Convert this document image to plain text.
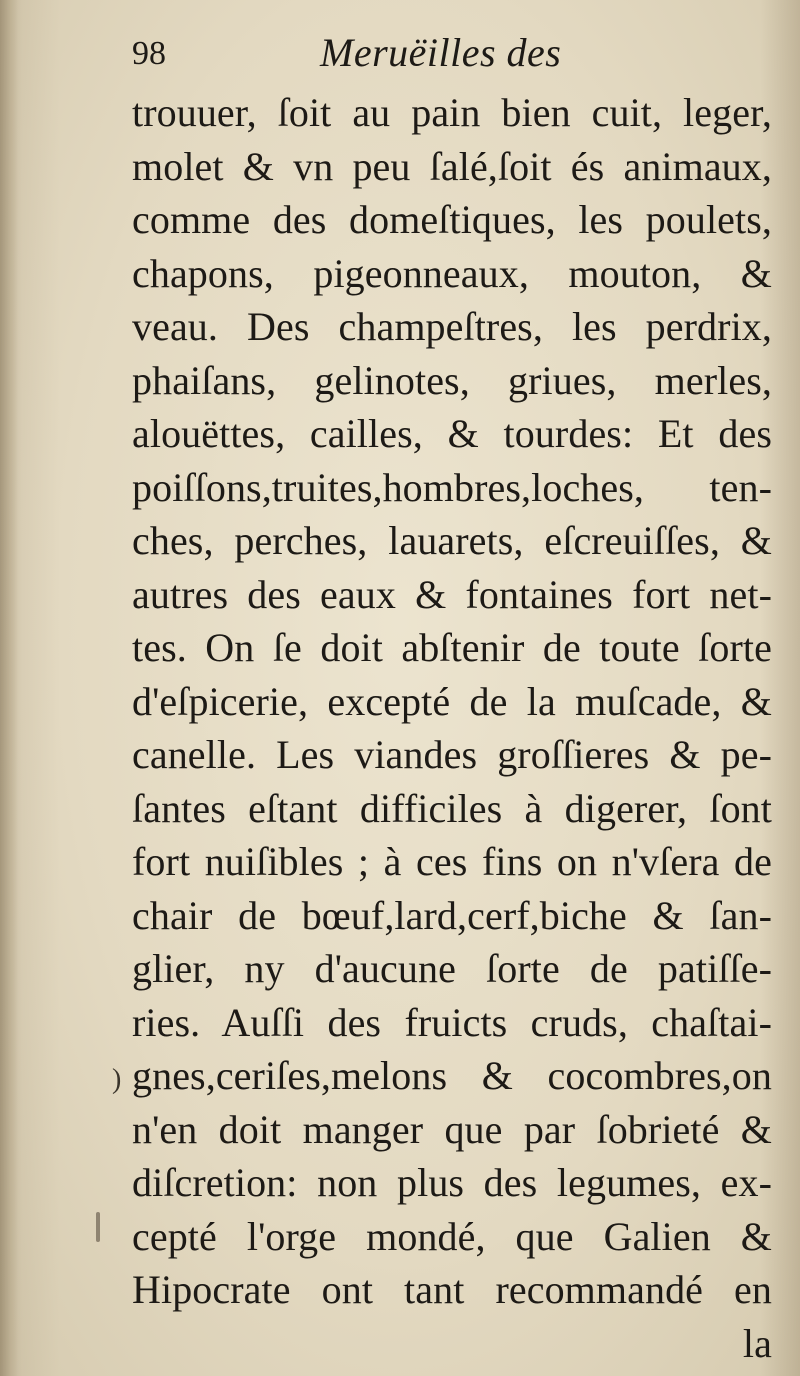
98	Meruëilles des
)
trouuer, ſoit au pain bien cuit, leger,
molet & vn peu ſalé,ſoit és animaux,
comme des domeſtiques, les poulets,
chapons, pigeonneaux, mouton, &
veau. Des champeſtres, les perdrix,
phaiſans, gelinotes, griues, merles,
alouëttes, cailles, & tourdes: Et des
poiſſons,truites,hombres,loches, ten-
ches, perches, lauarets, eſcreuiſſes, &
autres des eaux & fontaines fort net-
tes. On ſe doit abſtenir de toute ſorte
d'eſpicerie, excepté de la muſcade, &
canelle. Les viandes groſſieres & pe-
ſantes eſtant difficiles à digerer, ſont
fort nuiſibles ; à ces fins on n'vſera de
chair de bœuf,lard,cerf,biche & ſan-
glier, ny d'aucune ſorte de patiſſe-
ries. Auſſi des fruicts cruds, chaſtai-
gnes,ceriſes,melons & cocombres,on
n'en doit manger que par ſobrieté &
diſcretion: non plus des legumes, ex-
cepté l'orge mondé, que Galien &
Hipocrate ont tant recommandé en
la
